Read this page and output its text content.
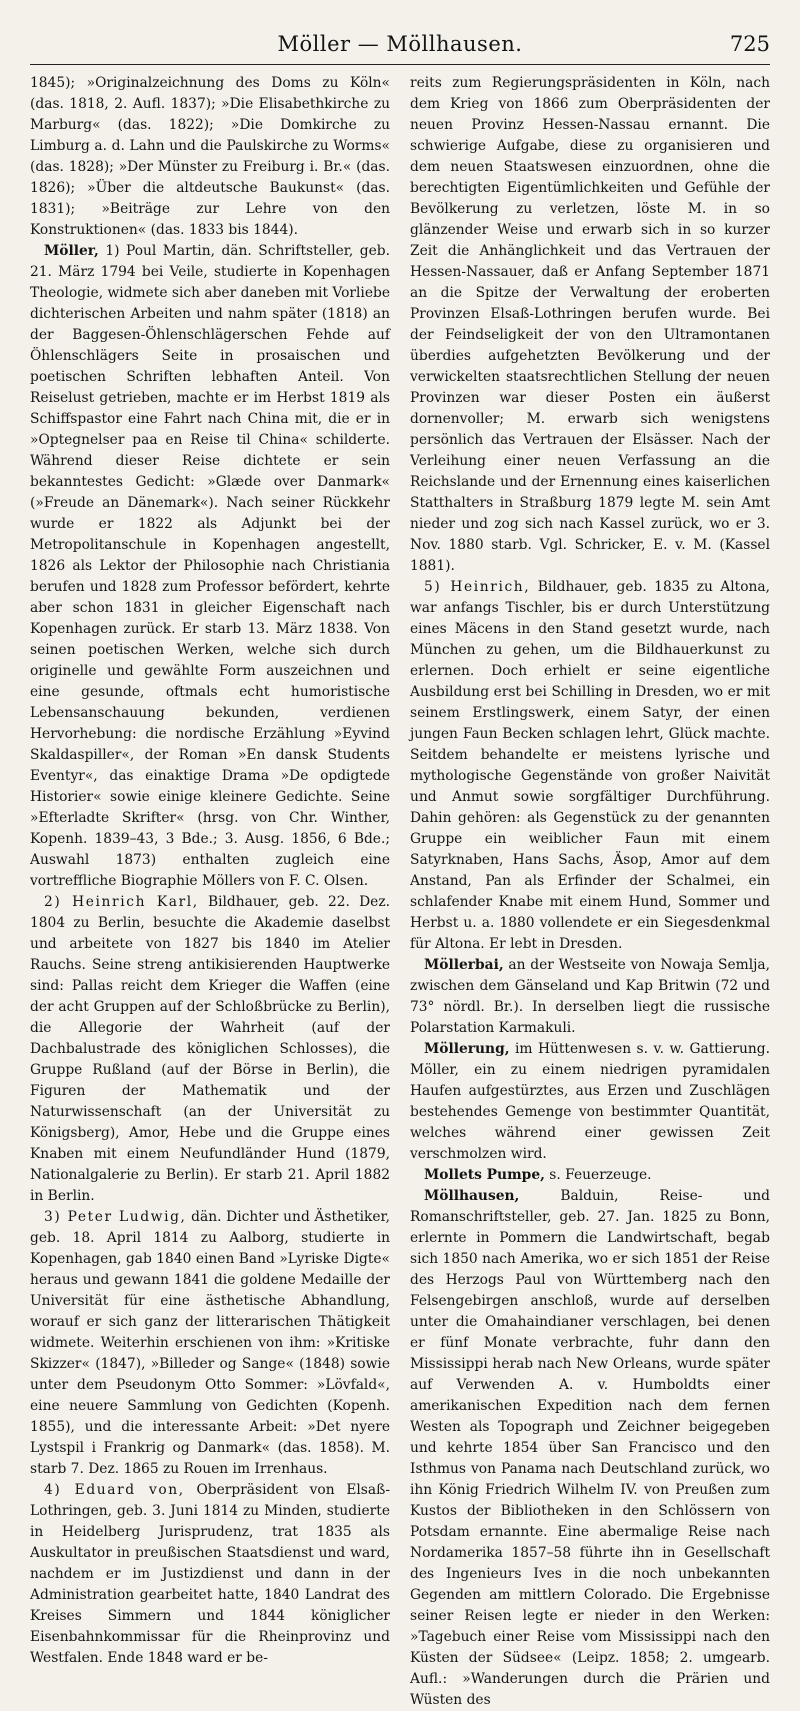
Möller — Möllhausen.	725

1845); »Originalzeichnung des Doms zu Köln« (das. 1818, 2. Aufl. 1837); »Die Elisabethkirche zu Marburg« (das. 1822); »Die Domkirche zu Limburg a. d. Lahn und die Paulskirche zu Worms« (das. 1828); »Der Münster zu Freiburg i. Br.« (das. 1826); »Über die altdeutsche Baukunst« (das. 1831); »Beiträge zur Lehre von den Konstruktionen« (das. 1833 bis 1844).

Möller, 1) Poul Martin, dän. Schriftsteller, geb. 21. März 1794 bei Veile, studierte in Kopenhagen Theologie, widmete sich aber daneben mit Vorliebe dichterischen Arbeiten und nahm später (1818) an der Baggesen-Öhlenschlägerschen Fehde auf Öhlenschlägers Seite in prosaischen und poetischen Schriften lebhaften Anteil. Von Reiselust getrieben, machte er im Herbst 1819 als Schiffspastor eine Fahrt nach China mit, die er in »Optegnelser paa en Reise til China« schilderte. Während dieser Reise dichtete er sein bekanntestes Gedicht: »Glæde over Danmark« (»Freude an Dänemark«). Nach seiner Rückkehr wurde er 1822 als Adjunkt bei der Metropolitanschule in Kopenhagen angestellt, 1826 als Lektor der Philosophie nach Christiania berufen und 1828 zum Professor befördert, kehrte aber schon 1831 in gleicher Eigenschaft nach Kopenhagen zurück. Er starb 13. März 1838. Von seinen poetischen Werken, welche sich durch originelle und gewählte Form auszeichnen und eine gesunde, oftmals echt humoristische Lebensanschauung bekunden, verdienen Hervorhebung: die nordische Erzählung »Eyvind Skaldaspiller«, der Roman »En dansk Students Eventyr«, das einaktige Drama »De opdigtede Historier« sowie einige kleinere Gedichte. Seine »Efterladte Skrifter« (hrsg. von Chr. Winther, Kopenh. 1839–43, 3 Bde.; 3. Ausg. 1856, 6 Bde.; Auswahl 1873) enthalten zugleich eine vortreffliche Biographie Möllers von F. C. Olsen.

2) Heinrich Karl, Bildhauer, geb. 22. Dez. 1804 zu Berlin, besuchte die Akademie daselbst und arbeitete von 1827 bis 1840 im Atelier Rauchs. Seine streng antikisierenden Hauptwerke sind: Pallas reicht dem Krieger die Waffen (eine der acht Gruppen auf der Schloßbrücke zu Berlin), die Allegorie der Wahrheit (auf der Dachbalustrade des königlichen Schlosses), die Gruppe Rußland (auf der Börse in Berlin), die Figuren der Mathematik und der Naturwissenschaft (an der Universität zu Königsberg), Amor, Hebe und die Gruppe eines Knaben mit einem Neufundländer Hund (1879, Nationalgalerie zu Berlin). Er starb 21. April 1882 in Berlin.

3) Peter Ludwig, dän. Dichter und Ästhetiker, geb. 18. April 1814 zu Aalborg, studierte in Kopenhagen, gab 1840 einen Band »Lyriske Digte« heraus und gewann 1841 die goldene Medaille der Universität für eine ästhetische Abhandlung, worauf er sich ganz der litterarischen Thätigkeit widmete. Weiterhin erschienen von ihm: »Kritiske Skizzer« (1847), »Billeder og Sange« (1848) sowie unter dem Pseudonym Otto Sommer: »Lövfald«, eine neuere Sammlung von Gedichten (Kopenh. 1855), und die interessante Arbeit: »Det nyere Lystspil i Frankrig og Danmark« (das. 1858). M. starb 7. Dez. 1865 zu Rouen im Irrenhaus.

4) Eduard von, Oberpräsident von Elsaß-Lothringen, geb. 3. Juni 1814 zu Minden, studierte in Heidelberg Jurisprudenz, trat 1835 als Auskultator in preußischen Staatsdienst und ward, nachdem er im Justizdienst und dann in der Administration gearbeitet hatte, 1840 Landrat des Kreises Simmern und 1844 königlicher Eisenbahnkommissar für die Rheinprovinz und Westfalen. Ende 1848 ward er be-

reits zum Regierungspräsidenten in Köln, nach dem Krieg von 1866 zum Oberpräsidenten der neuen Provinz Hessen-Nassau ernannt. Die schwierige Aufgabe, diese zu organisieren und dem neuen Staatswesen einzuordnen, ohne die berechtigten Eigentümlichkeiten und Gefühle der Bevölkerung zu verletzen, löste M. in so glänzender Weise und erwarb sich in so kurzer Zeit die Anhänglichkeit und das Vertrauen der Hessen-Nassauer, daß er Anfang September 1871 an die Spitze der Verwaltung der eroberten Provinzen Elsaß-Lothringen berufen wurde. Bei der Feindseligkeit der von den Ultramontanen überdies aufgehetzten Bevölkerung und der verwickelten staatsrechtlichen Stellung der neuen Provinzen war dieser Posten ein äußerst dornenvoller; M. erwarb sich wenigstens persönlich das Vertrauen der Elsässer. Nach der Verleihung einer neuen Verfassung an die Reichslande und der Ernennung eines kaiserlichen Statthalters in Straßburg 1879 legte M. sein Amt nieder und zog sich nach Kassel zurück, wo er 3. Nov. 1880 starb. Vgl. Schricker, E. v. M. (Kassel 1881).

5) Heinrich, Bildhauer, geb. 1835 zu Altona, war anfangs Tischler, bis er durch Unterstützung eines Mäcens in den Stand gesetzt wurde, nach München zu gehen, um die Bildhauerkunst zu erlernen. Doch erhielt er seine eigentliche Ausbildung erst bei Schilling in Dresden, wo er mit seinem Erstlingswerk, einem Satyr, der einen jungen Faun Becken schlagen lehrt, Glück machte. Seitdem behandelte er meistens lyrische und mythologische Gegenstände von großer Naivität und Anmut sowie sorgfältiger Durchführung. Dahin gehören: als Gegenstück zu der genannten Gruppe ein weiblicher Faun mit einem Satyrknaben, Hans Sachs, Äsop, Amor auf dem Anstand, Pan als Erfinder der Schalmei, ein schlafender Knabe mit einem Hund, Sommer und Herbst u. a. 1880 vollendete er ein Siegesdenkmal für Altona. Er lebt in Dresden.

Möllerbai, an der Westseite von Nowaja Semlja, zwischen dem Gänseland und Kap Britwin (72 und 73° nördl. Br.). In derselben liegt die russische Polarstation Karmakuli.

Möllerung, im Hüttenwesen s. v. w. Gattierung. Möller, ein zu einem niedrigen pyramidalen Haufen aufgestürztes, aus Erzen und Zuschlägen bestehendes Gemenge von bestimmter Quantität, welches während einer gewissen Zeit verschmolzen wird.

Mollets Pumpe, s. Feuerzeuge.

Möllhausen, Balduin, Reise- und Romanschriftsteller, geb. 27. Jan. 1825 zu Bonn, erlernte in Pommern die Landwirtschaft, begab sich 1850 nach Amerika, wo er sich 1851 der Reise des Herzogs Paul von Württemberg nach den Felsengebirgen anschloß, wurde auf derselben unter die Omahaindianer verschlagen, bei denen er fünf Monate verbrachte, fuhr dann den Mississippi herab nach New Orleans, wurde später auf Verwenden A. v. Humboldts einer amerikanischen Expedition nach dem fernen Westen als Topograph und Zeichner beigegeben und kehrte 1854 über San Francisco und den Isthmus von Panama nach Deutschland zurück, wo ihn König Friedrich Wilhelm IV. von Preußen zum Kustos der Bibliotheken in den Schlössern von Potsdam ernannte. Eine abermalige Reise nach Nordamerika 1857–58 führte ihn in Gesellschaft des Ingenieurs Ives in die noch unbekannten Gegenden am mittlern Colorado. Die Ergebnisse seiner Reisen legte er nieder in den Werken: »Tagebuch einer Reise vom Mississippi nach den Küsten der Südsee« (Leipz. 1858; 2. umgearb. Aufl.: »Wanderungen durch die Prärien und Wüsten des
